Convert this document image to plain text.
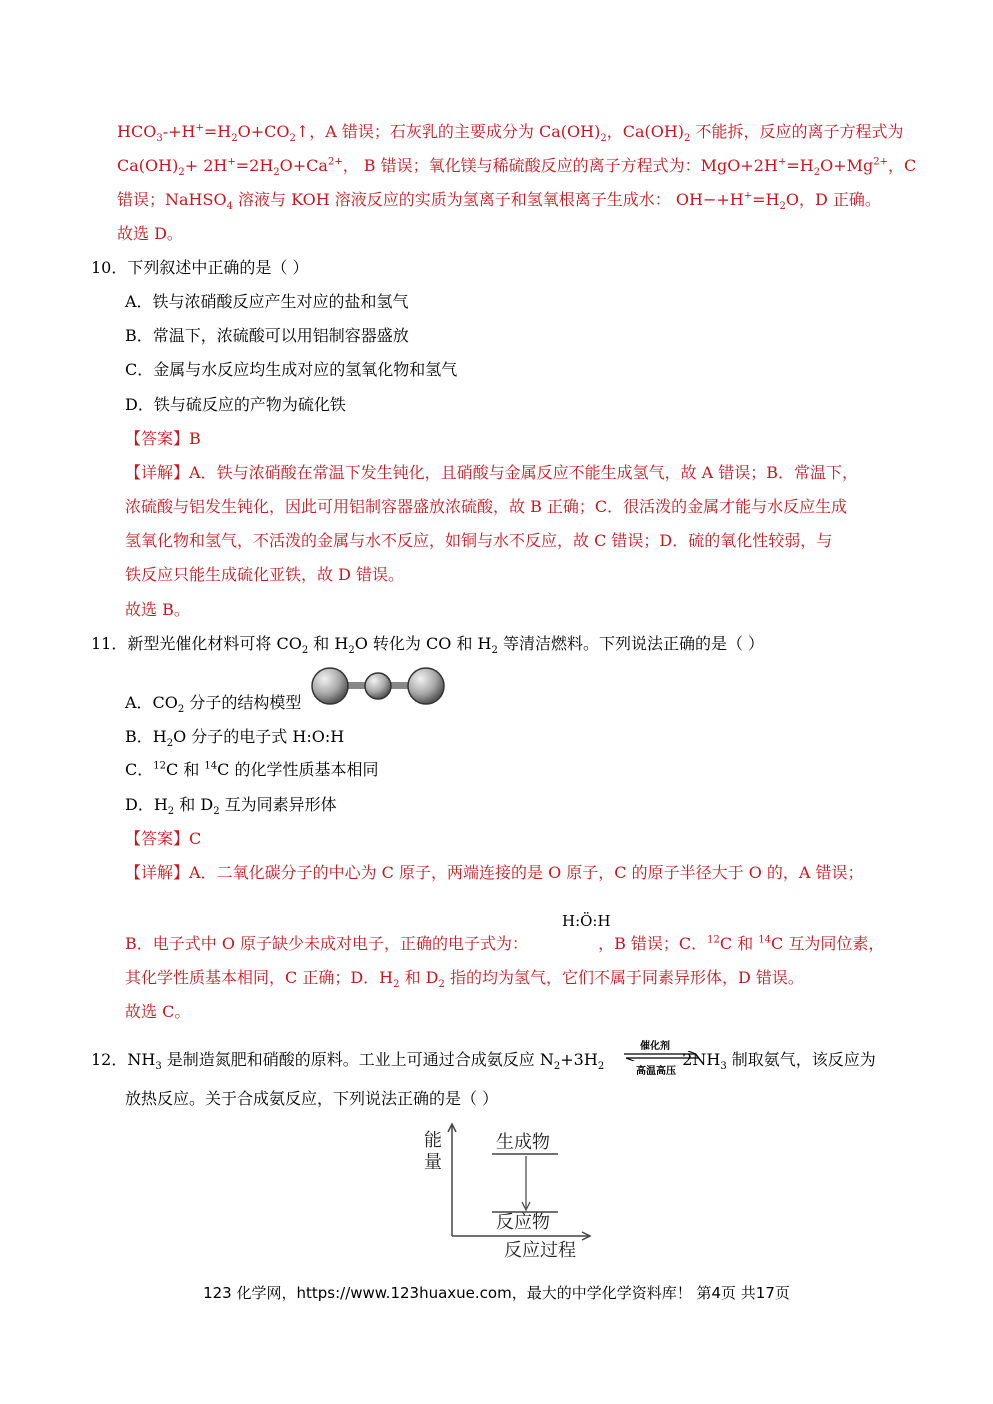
$HCO_3-+H^+=H_2O+CO_2↑$，A 错误；石灰乳的主要成分为 $Ca(OH)_2$，$Ca(OH)_2$ 不能拆，反应的离子方程式为
$Ca(OH)_2+ 2H^+=2H_2O+Ca^{2+}$， B 错误；氧化镁与稀硫酸反应的离子方程式为：$MgO+2H^+=H_2O+Mg^{2+}$，C
错误；NaHSO$_4$ 溶液与 KOH 溶液反应的实质为氢离子和氢氧根离子生成水： $OH-+H^+=H_2O$，D 正确。
故选 D。
10．下列叙述中正确的是（ ）
A．铁与浓硝酸反应产生对应的盐和氢气
B．常温下，浓硫酸可以用铝制容器盛放
C．金属与水反应均生成对应的氢氧化物和氢气
D．铁与硫反应的产物为硫化铁
【答案】B
【详解】A．铁与浓硝酸在常温下发生钝化，且硝酸与金属反应不能生成氢气，故 A 错误；B．常温下，
浓硫酸与铝发生钝化，因此可用铝制容器盛放浓硫酸，故 B 正确；C．很活泼的金属才能与水反应生成
氢氧化物和氢气，不活泼的金属与水不反应，如铜与水不反应，故 C 错误；D．硫的氧化性较弱，与
铁反应只能生成硫化亚铁，故 D 错误。
故选 B。
11．新型光催化材料可将 $CO_2$ 和 $H_2O$ 转化为 CO 和 $H_2$ 等清洁燃料。下列说法正确的是（ ）
A．$CO_2$ 分子的结构模型
B．$H_2O$ 分子的电子式 H:O:H
C．$^{12}$C 和 $^{14}$C 的化学性质基本相同
D．$H_2$ 和 $D_2$ 互为同素异形体
【答案】C
【详解】A．二氧化碳分子的中心为 C 原子，两端连接的是 O 原子，C 的原子半径大于 O 的，A 错误；
H:Ö:H
B．电子式中 O 原子缺少未成对电子，正确的电子式为：	，B 错误；C．$^{12}$C 和 $^{14}$C 互为同位素，
其化学性质基本相同，C 正确；D．$H_2$ 和 $D_2$ 指的均为氢气，它们不属于同素异形体，D 错误。
故选 C。
12．$NH_3$ 是制造氮肥和硝酸的原料。工业上可通过合成氨反应 $N_2+3H_2$	$2NH_3$ 制取氨气，该反应为
催化剂
高温高压
放热反应。关于合成氨反应，下列说法正确的是（ ）
能
量
生成物
反应物
反应过程
123 化学网，https://www.123huaxue.com，最大的中学化学资料库！ 第4页 共17页
